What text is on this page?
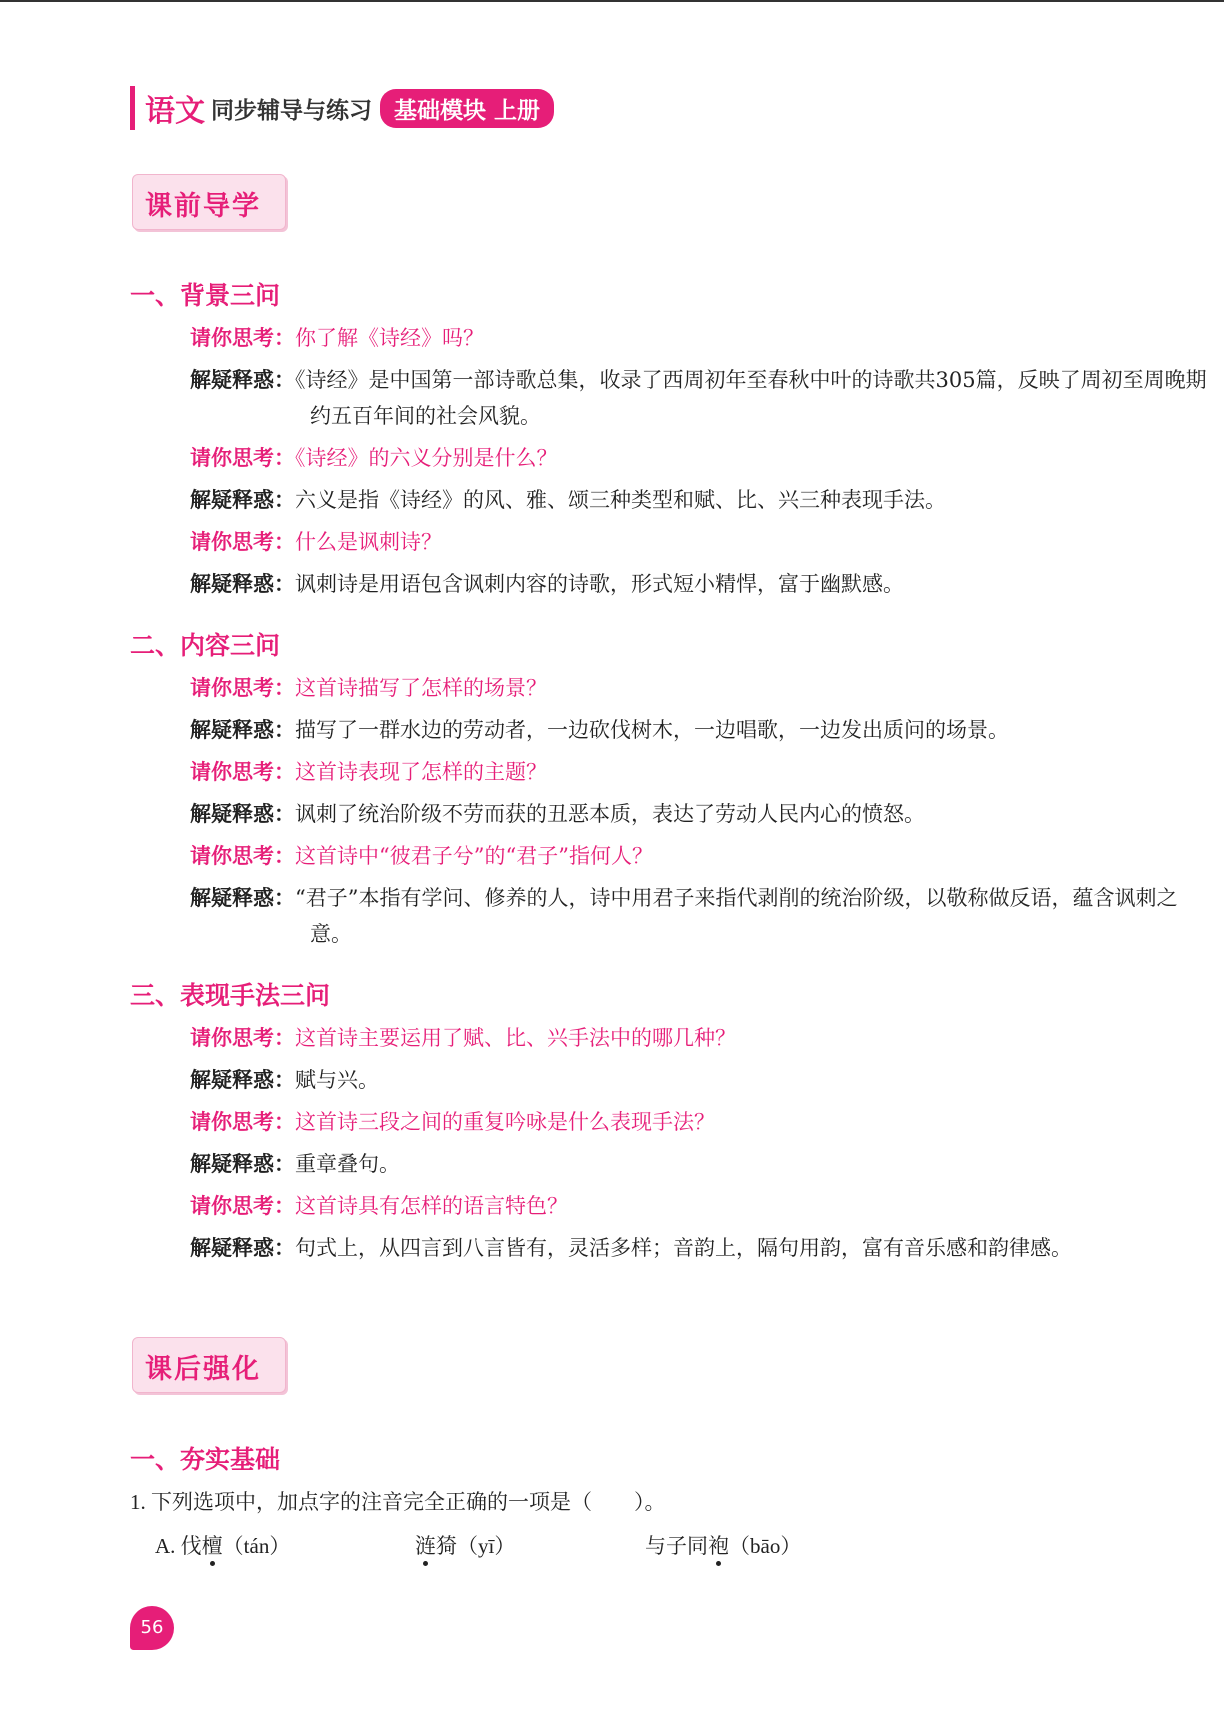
语文 同步辅导与练习 基础模块 上册
课前导学
一、背景三问
请你思考：你了解《诗经》吗？
解疑释惑：《诗经》是中国第一部诗歌总集，收录了西周初年至春秋中叶的诗歌共305篇，反映了周初至周晚期约五百年间的社会风貌。
请你思考：《诗经》的六义分别是什么？
解疑释惑：六义是指《诗经》的风、雅、颂三种类型和赋、比、兴三种表现手法。
请你思考：什么是讽刺诗？
解疑释惑：讽刺诗是用语包含讽刺内容的诗歌，形式短小精悍，富于幽默感。
二、内容三问
请你思考：这首诗描写了怎样的场景？
解疑释惑：描写了一群水边的劳动者，一边砍伐树木，一边唱歌，一边发出质问的场景。
请你思考：这首诗表现了怎样的主题？
解疑释惑：讽刺了统治阶级不劳而获的丑恶本质，表达了劳动人民内心的愤怒。
请你思考：这首诗中“彼君子兮”的“君子”指何人？
解疑释惑：“君子”本指有学问、修养的人，诗中用君子来指代剥削的统治阶级，以敬称做反语，蕴含讽刺之意。
三、表现手法三问
请你思考：这首诗主要运用了赋、比、兴手法中的哪几种？
解疑释惑：赋与兴。
请你思考：这首诗三段之间的重复吟咏是什么表现手法？
解疑释惑：重章叠句。
请你思考：这首诗具有怎样的语言特色？
解疑释惑：句式上，从四言到八言皆有，灵活多样；音韵上，隔句用韵，富有音乐感和韵律感。
课后强化
一、夯实基础
1. 下列选项中，加点字的注音完全正确的一项是（　　）。
A. 伐檀（tán）	涟猗（yī）	与子同袍（bāo）
56
